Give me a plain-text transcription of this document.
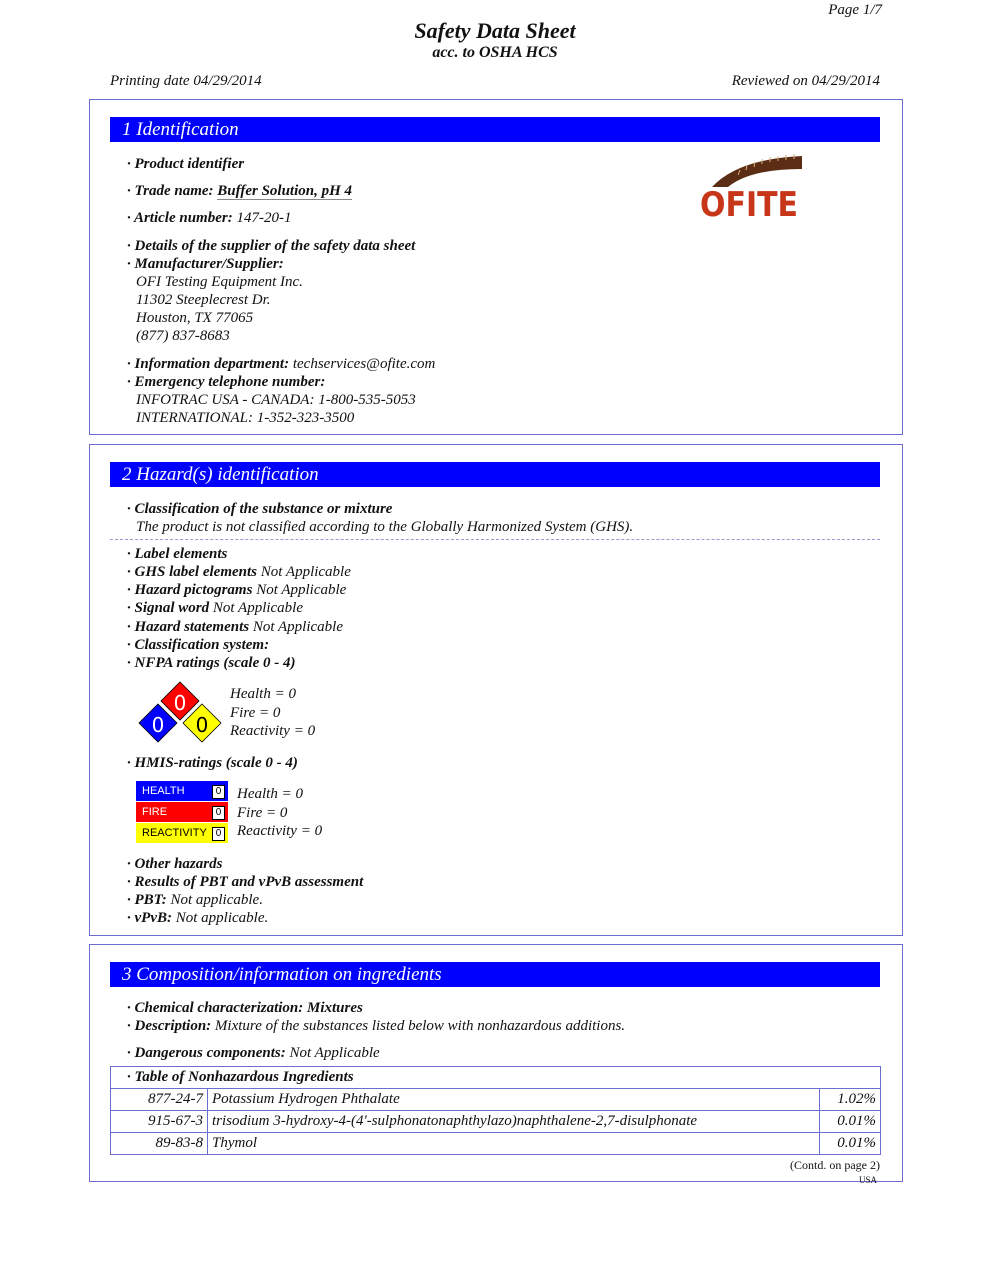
Page 1/7
Safety Data Sheet
acc. to OSHA HCS
Printing date 04/29/2014	Reviewed on 04/29/2014
1 Identification
· Product identifier
· Trade name: Buffer Solution, pH 4
· Article number: 147-20-1	OFITE
· Details of the supplier of the safety data sheet
· Manufacturer/Supplier:
OFI Testing Equipment Inc.
11302 Steeplecrest Dr.
Houston, TX 77065
(877) 837-8683
· Information department: techservices@ofite.com
· Emergency telephone number:
INFOTRAC USA - CANADA: 1-800-535-5053
INTERNATIONAL: 1-352-323-3500
2 Hazard(s) identification
· Classification of the substance or mixture
The product is not classified according to the Globally Harmonized System (GHS).
· Label elements
· GHS label elements Not Applicable
· Hazard pictograms Not Applicable
· Signal word Not Applicable
· Hazard statements Not Applicable
· Classification system:
· NFPA ratings (scale 0 - 4)
0
0 0
Health = 0
Fire = 0
Reactivity = 0
· HMIS-ratings (scale 0 - 4)
HEALTH	0
FIRE	0
REACTIVITY 0
Health = 0
Fire = 0
Reactivity = 0
· Other hazards
· Results of PBT and vPvB assessment
· PBT: Not applicable.
· vPvB: Not applicable.
3 Composition/information on ingredients
· Chemical characterization: Mixtures
· Description: Mixture of the substances listed below with nonhazardous additions.
· Dangerous components: Not Applicable
· Table of Nonhazardous Ingredients		
877-24-7	Potassium Hydrogen Phthalate	1.02%
915-67-3	trisodium 3-hydroxy-4-(4'-sulphonatonaphthylazo)naphthalene-2,7-disulphonate	0.01%
89-83-8	Thymol	0.01%
(Contd. on page 2)
USA
